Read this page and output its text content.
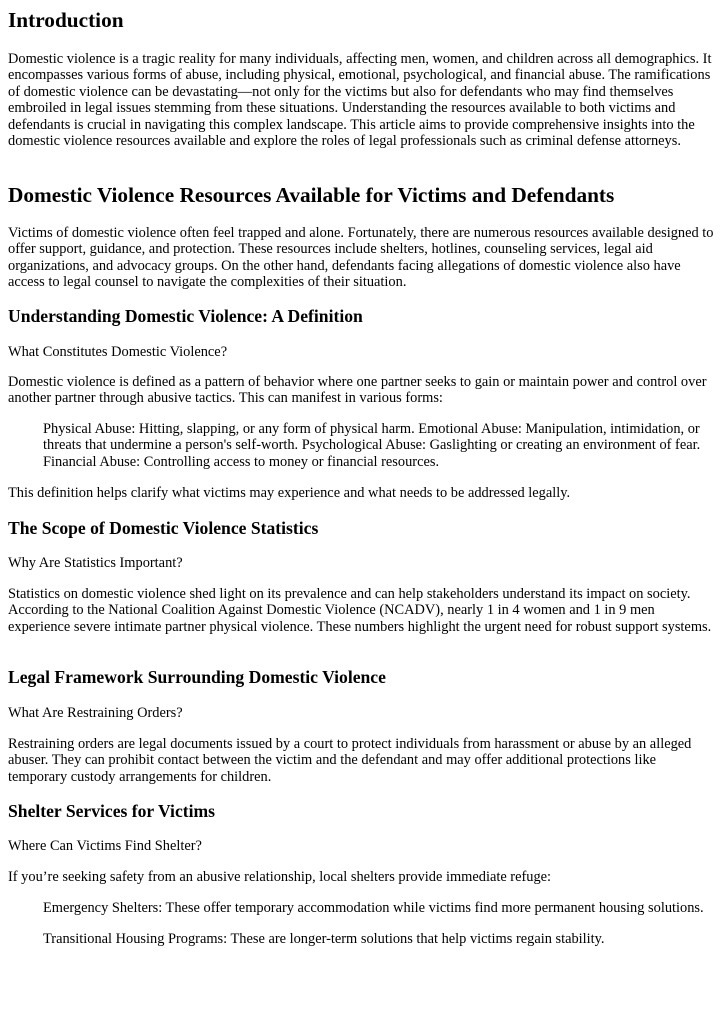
Introduction

Domestic violence is a tragic reality for many individuals, affecting men, women, and children across all demographics. It encompasses various forms of abuse, including physical, emotional, psychological, and financial abuse. The ramifications of domestic violence can be devastating—not only for the victims but also for defendants who may find themselves embroiled in legal issues stemming from these situations. Understanding the resources available to both victims and defendants is crucial in navigating this complex landscape. This article aims to provide comprehensive insights into the domestic violence resources available and explore the roles of legal professionals such as criminal defense attorneys.

Domestic Violence Resources Available for Victims and Defendants

Victims of domestic violence often feel trapped and alone. Fortunately, there are numerous resources available designed to offer support, guidance, and protection. These resources include shelters, hotlines, counseling services, legal aid organizations, and advocacy groups. On the other hand, defendants facing allegations of domestic violence also have access to legal counsel to navigate the complexities of their situation.

Understanding Domestic Violence: A Definition

What Constitutes Domestic Violence?

Domestic violence is defined as a pattern of behavior where one partner seeks to gain or maintain power and control over another partner through abusive tactics. This can manifest in various forms:

Physical Abuse: Hitting, slapping, or any form of physical harm. Emotional Abuse: Manipulation, intimidation, or threats that undermine a person's self-worth. Psychological Abuse: Gaslighting or creating an environment of fear. Financial Abuse: Controlling access to money or financial resources.

This definition helps clarify what victims may experience and what needs to be addressed legally.

The Scope of Domestic Violence Statistics

Why Are Statistics Important?

Statistics on domestic violence shed light on its prevalence and can help stakeholders understand its impact on society. According to the National Coalition Against Domestic Violence (NCADV), nearly 1 in 4 women and 1 in 9 men experience severe intimate partner physical violence. These numbers highlight the urgent need for robust support systems.

Legal Framework Surrounding Domestic Violence

What Are Restraining Orders?

Restraining orders are legal documents issued by a court to protect individuals from harassment or abuse by an alleged abuser. They can prohibit contact between the victim and the defendant and may offer additional protections like temporary custody arrangements for children.

Shelter Services for Victims

Where Can Victims Find Shelter?

If you’re seeking safety from an abusive relationship, local shelters provide immediate refuge:

Emergency Shelters: These offer temporary accommodation while victims find more permanent housing solutions.

Transitional Housing Programs: These are longer-term solutions that help victims regain stability.
